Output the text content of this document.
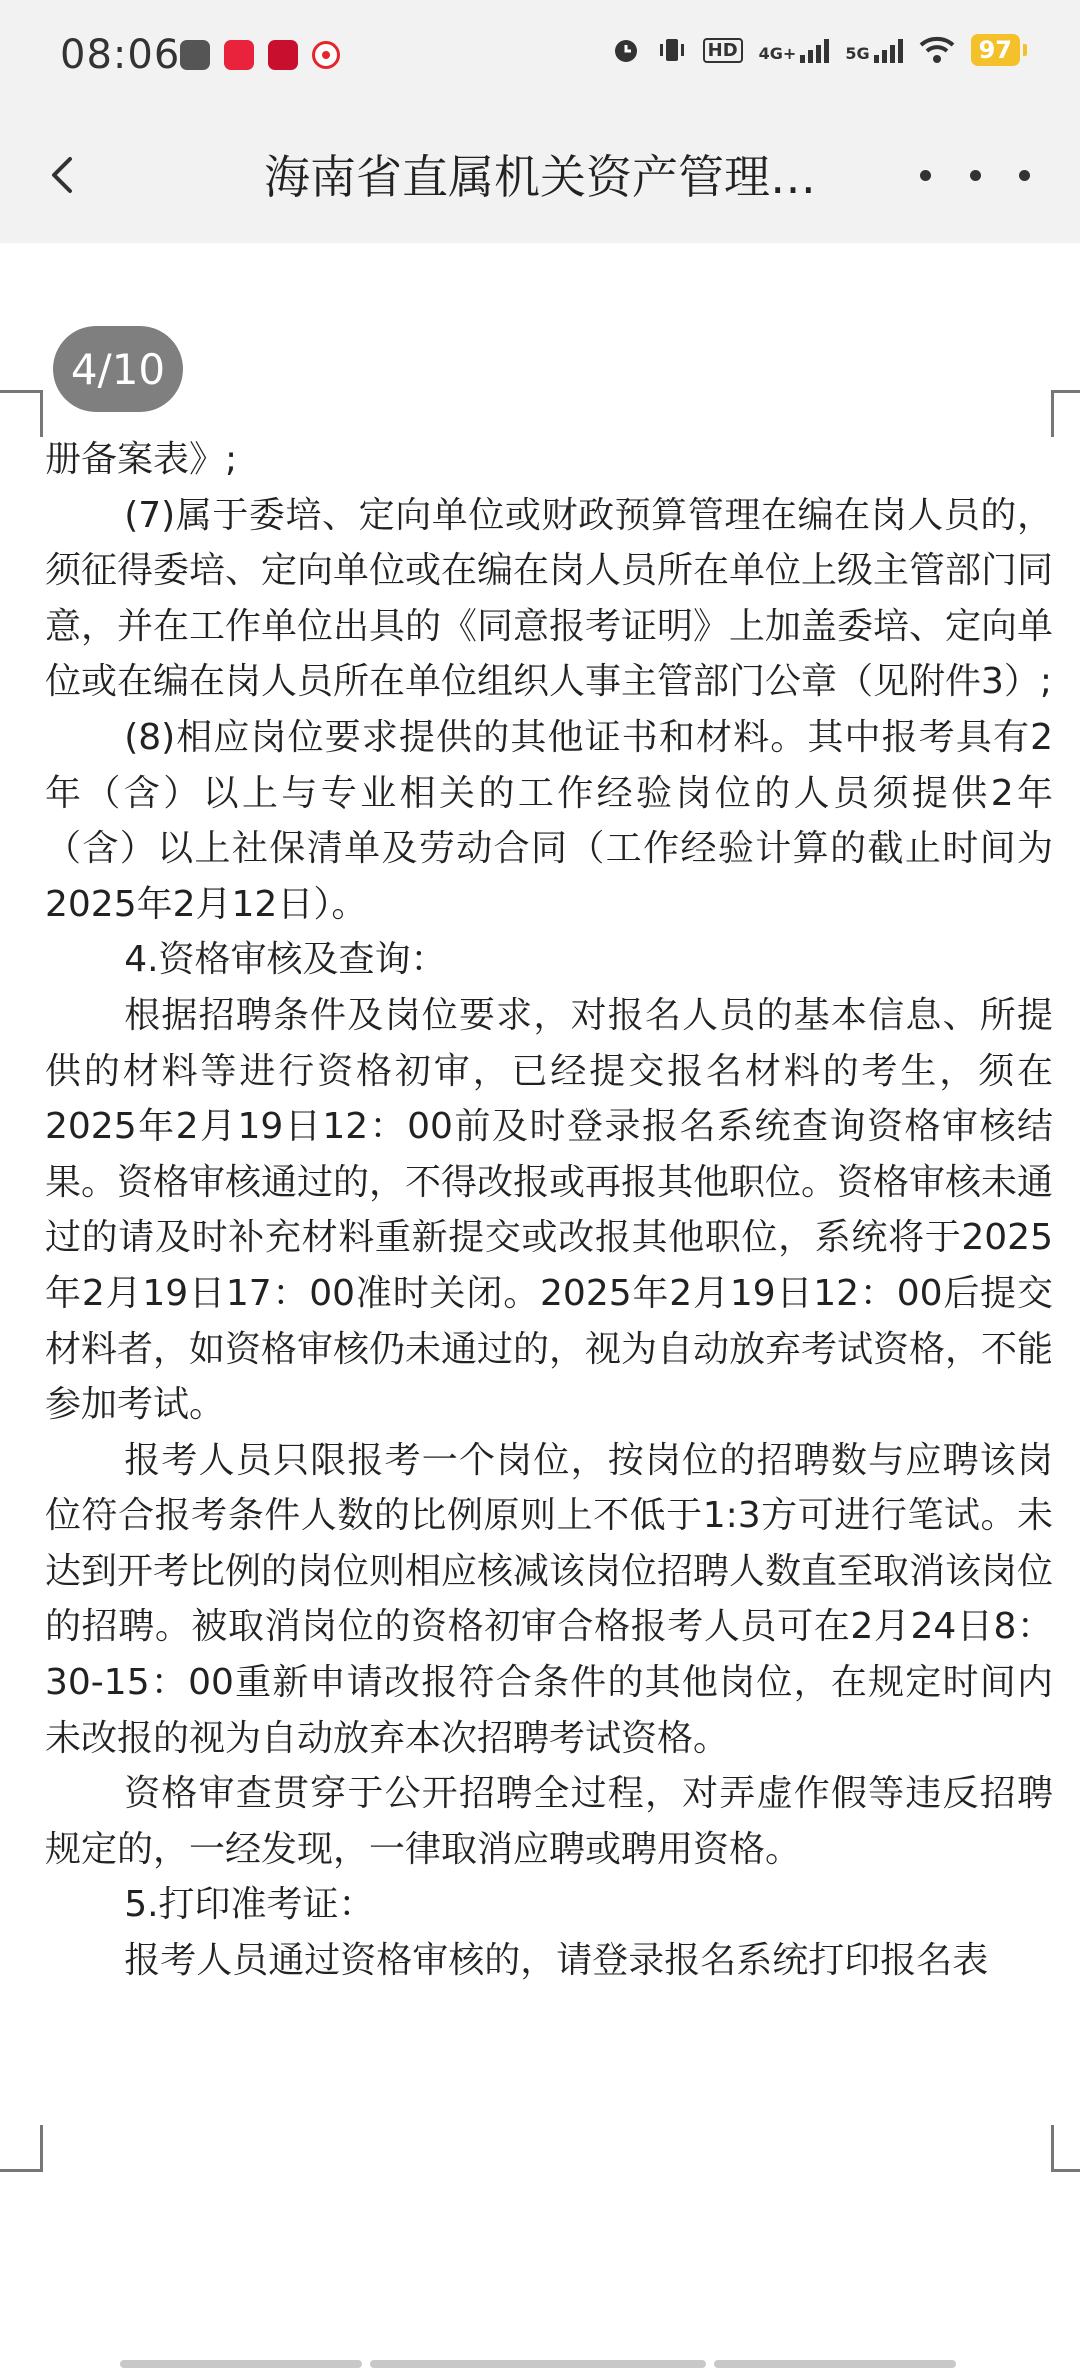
08:06	HD	4G+	5G	97
海南省直属机关资产管理…
4/10

册备案表》;

(7)属于委培、定向单位或财政预算管理在编在岗人员的，须征得委培、定向单位或在编在岗人员所在单位上级主管部门同意，并在工作单位出具的《同意报考证明》上加盖委培、定向单位或在编在岗人员所在单位组织人事主管部门公章（见附件3）;

(8)相应岗位要求提供的其他证书和材料。其中报考具有2年（含）以上与专业相关的工作经验岗位的人员须提供2年（含）以上社保清单及劳动合同（工作经验计算的截止时间为2025年2月12日）。

4.资格审核及查询：

根据招聘条件及岗位要求，对报名人员的基本信息、所提供的材料等进行资格初审，已经提交报名材料的考生，须在2025年2月19日12：00前及时登录报名系统查询资格审核结果。资格审核通过的，不得改报或再报其他职位。资格审核未通过的请及时补充材料重新提交或改报其他职位，系统将于2025年2月19日17：00准时关闭。2025年2月19日12：00后提交材料者，如资格审核仍未通过的，视为自动放弃考试资格，不能参加考试。

报考人员只限报考一个岗位，按岗位的招聘数与应聘该岗位符合报考条件人数的比例原则上不低于1:3方可进行笔试。未达到开考比例的岗位则相应核减该岗位招聘人数直至取消该岗位的招聘。被取消岗位的资格初审合格报考人员可在2月24日8：30-15：00重新申请改报符合条件的其他岗位，在规定时间内未改报的视为自动放弃本次招聘考试资格。

资格审查贯穿于公开招聘全过程，对弄虚作假等违反招聘规定的，一经发现，一律取消应聘或聘用资格。

5.打印准考证：

报考人员通过资格审核的，请登录报名系统打印报名表
